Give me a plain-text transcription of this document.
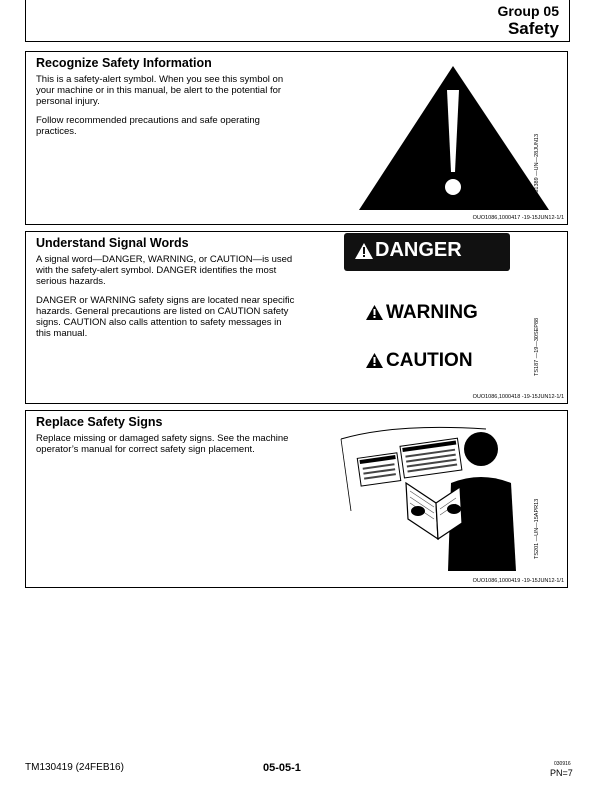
Group 05
Safety
Recognize Safety Information

This is a safety-alert symbol. When you see this symbol on your machine or in this manual, be alert to the potential for personal injury.

Follow recommended precautions and safe operating practices.

T81389 —UN—28JUN13
OUO1086,1000417 -19-15JUN12-1/1
Understand Signal Words

A signal word—DANGER, WARNING, or CAUTION—is used with the safety-alert symbol. DANGER identifies the most serious hazards.

DANGER or WARNING safety signs are located near specific hazards. General precautions are listed on CAUTION safety signs. CAUTION also calls attention to safety messages in this manual.

DANGER
WARNING
CAUTION	TS187 —19—30SEP88
OUO1086,1000418 -19-15JUN12-1/1
Replace Safety Signs

Replace missing or damaged safety signs. See the machine operator’s manual for correct safety sign placement.

TS201 —UN—15APR13
OUO1086,1000419 -19-15JUN12-1/1
TM130419 (24FEB16)	05-05-1	030916
PN=7
